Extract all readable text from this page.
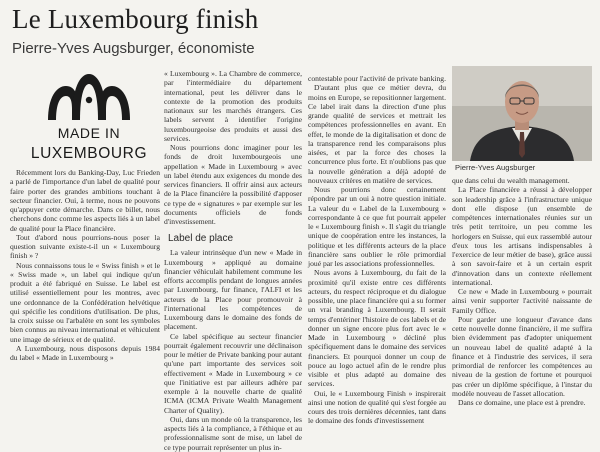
Le Luxembourg finish
Pierre-Yves Augsburger, économiste
MADE IN
LUXEMBOURG

Récemment lors du Banking-Day, Luc Frieden a parlé de l'importance d'un label de qualité pour faire porter des grandes ambitions touchant à secteur financier. Oui, à terme, nous ne pouvons qu'appuyer cette démarche. Dans ce billet, nous cherchons donc comme les aspects liés à un label de qualité pour la Place financière.

Tout d'abord nous pourrions-nous poser la question suivante existe-t-il un « Luxembourg finish » ?

Nous connaissons tous le « Swiss finish » et le « Swiss made », un label qui indique qu'un produit a été fabriqué en Suisse. Le label est utilisé essentiellement pour les montres, avec une ordonnance de la Confédération helvétique qui spécifie les conditions d'utilisation. De plus, la croix suisse ou l'arbalète en sont les symboles bien connus au niveau international et véhiculent une image de sérieux et de qualité.

A Luxembourg, nous disposons depuis 1984 du label « Made in Luxembourg »

« Luxembourg ». La Chambre de commerce, par l'intermédiaire du département international, peut les délivrer dans le contexte de la promotion des produits nationaux sur les marchés étrangers. Ces labels servent à identifier l'origine luxembourgeoise des produits et aussi des services.

Nous pourrions donc imaginer pour les fonds de droit luxembourgeois une appellation « Made in Luxembourg » avec un label étendu aux exigences du monde des services financiers. Il offrir ainsi aux acteurs de la Place financière la possibilité d'apposer ce type de « signatures » par exemple sur les documents officiels de fonds d'investissement.

Label de place

La valeur intrinsèque d'un new « Made in Luxembourg » appliqué au domaine financier véhiculait habilement commune les efforts accomplis pendant de longues années par Luxembourg, fur finance, l'ALFI et les acteurs de la Place pour promouvoir à l'international les compétences de Luxembourg dans le domaine des fonds de placement.

Ce label spécifique au secteur financier pourrait également recouvrir une déclinaison pour le métier de Private banking pour autant qu'une part importante des services soit effectivement « Made in Luxembourg » ce que l'initiative est par ailleurs adhère par exemple à la nouvelle charte de qualité ICMA (ICMA Private Wealth Management Charter of Quality).

Oui, dans un monde où la transparence, les aspects liés à la compliance, à l'éthique et au professionnalisme sont de mise, un label de ce type pourrait représenter un plus in-

contestable pour l'activité de private banking.

D'autant plus que ce métier devra, du moins en Europe, se repositionner largement. Ce label irait dans la direction d'une plus grande qualité de services et mettrait les compétences professionnelles en avant. En effet, le monde de la digitalisation et donc de la transparence rend les comparaisons plus aisées, et par la force des choses la concurrence plus forte. Et n'oublions pas que la nouvelle génération a déjà adopté de nouveaux critères en matière de services.

Nous pourrions donc certainement répondre par un oui à notre question initiale. La valeur du « Label de la Luxembourg » correspondante à ce que fut pourrait appeler le « Luxembourg finish ». Il s'agit du triangle unique de coopération entre les instances, la politique et les différents acteurs de la place financière sans oublier le rôle primordial joué par les associations professionnelles.

Nous avons à Luxembourg, du fait de la proximité qu'il existe entre ces différents acteurs, du respect réciproque et du dialogue possible, une place financière qui a su former un vrai branding à Luxembourg. Il serait temps d'entériner l'histoire de ces labels et de donner un signe encore plus fort avec le « Made in Luxembourg » décliné plus spécifiquement dans le domaine des services financiers. Et pourquoi donner un coup de pouce au logo actuel afin de le rendre plus visible et plus adapté au domaine des services.

Oui, le « Luxembourg Finish » inspirerait ainsi une notion de qualité qui s'est forgée au cours des trois dernières décennies, tant dans le domaine des fonds d'investissement

Pierre-Yves Augsburger

que dans celui du wealth management.

La Place financière a réussi à développer son leadership grâce à l'infrastructure unique dont elle dispose (un ensemble de compétences internationales réunies sur un très petit territoire, un peu comme les horlogers en Suisse, qui eux rassemblé autour d'eux tous les artisans indispensables à l'exercice de leur métier de base), grâce aussi à son savoir-faire et à un certain esprit d'innovation dans un contexte réellement international.

Ce new « Made in Luxembourg » pourrait ainsi venir supporter l'activité naissante de Family Office.

Pour garder une longueur d'avance dans cette nouvelle donne financière, il me suffira bien évidemment pas d'adopter uniquement un nouveau label de qualité adapté à la finance et à l'industrie des services, il sera primordial de renforcer les compétences au niveau de la gestion de fortune et pourquoi pas créer un diplôme spécifique, à l'instar du modèle nouveau de l'asset allocation.

Dans ce domaine, une place est à prendre.
